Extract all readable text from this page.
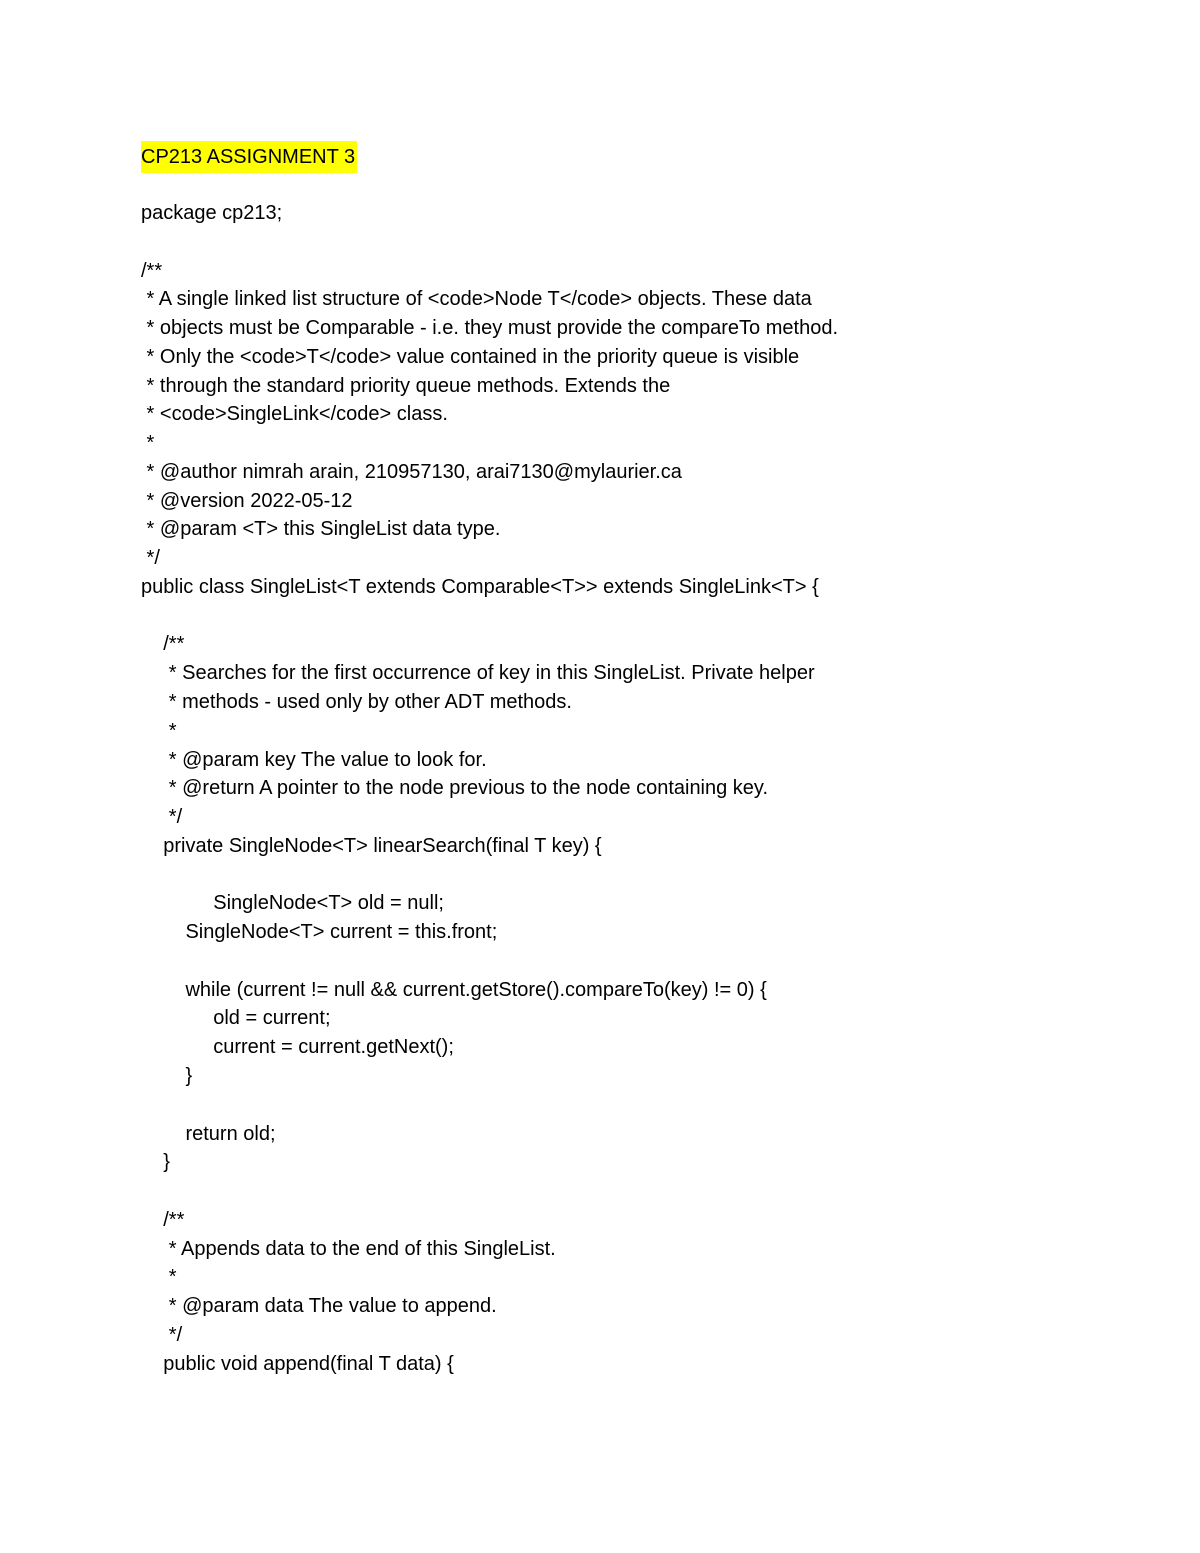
CP213 ASSIGNMENT 3
package cp213;

/**
* A single linked list structure of <code>Node T</code> objects. These data
* objects must be Comparable - i.e. they must provide the compareTo method.
* Only the <code>T</code> value contained in the priority queue is visible
* through the standard priority queue methods. Extends the
* <code>SingleLink</code> class.
*
* @author nimrah arain, 210957130, arai7130@mylaurier.ca
* @version 2022-05-12
* @param <T> this SingleList data type.
*/
public class SingleList<T extends Comparable<T>> extends SingleLink<T> {

/**
* Searches for the first occurrence of key in this SingleList. Private helper
* methods - used only by other ADT methods.
*
* @param key The value to look for.
* @return A pointer to the node previous to the node containing key.
*/
private SingleNode<T> linearSearch(final T key) {

SingleNode<T> old = null;
SingleNode<T> current = this.front;

while (current != null && current.getStore().compareTo(key) != 0) {
old = current;
current = current.getNext();
}

return old;
}

/**
* Appends data to the end of this SingleList.
*
* @param data The value to append.
*/
public void append(final T data) {
